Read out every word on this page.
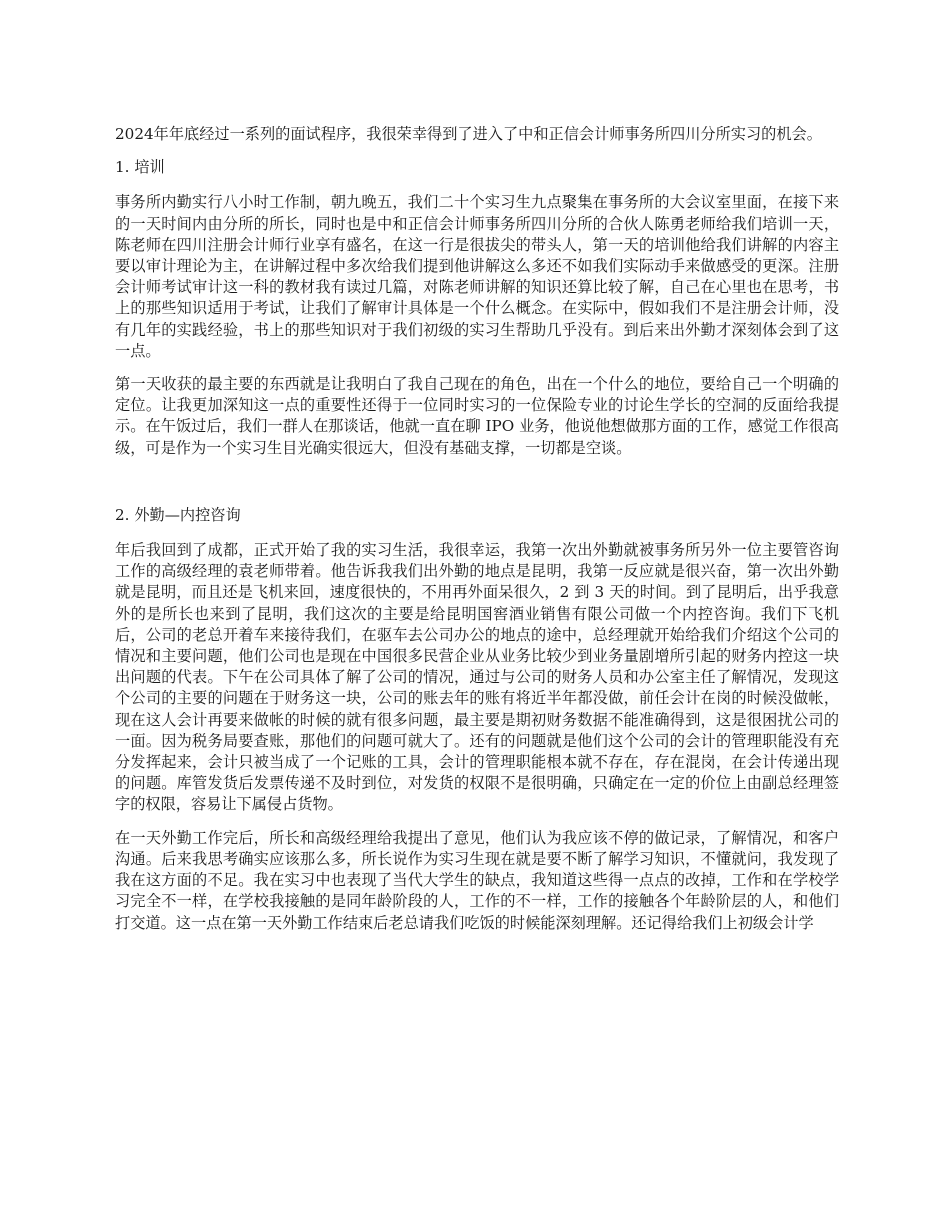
2024年年底经过一系列的面试程序，我很荣幸得到了进入了中和正信会计师事务所四川分所实习的机会。

1. 培训

事务所内勤实行八小时工作制，朝九晚五，我们二十个实习生九点聚集在事务所的大会议室里面，在接下来的一天时间内由分所的所长，同时也是中和正信会计师事务所四川分所的合伙人陈勇老师给我们培训一天，陈老师在四川注册会计师行业享有盛名，在这一行是很拔尖的带头人，第一天的培训他给我们讲解的内容主要以审计理论为主，在讲解过程中多次给我们提到他讲解这么多还不如我们实际动手来做感受的更深。注册会计师考试审计这一科的教材我有读过几篇，对陈老师讲解的知识还算比较了解，自己在心里也在思考，书上的那些知识适用于考试，让我们了解审计具体是一个什么概念。在实际中，假如我们不是注册会计师，没有几年的实践经验，书上的那些知识对于我们初级的实习生帮助几乎没有。到后来出外勤才深刻体会到了这一点。

第一天收获的最主要的东西就是让我明白了我自己现在的角色，出在一个什么的地位，要给自己一个明确的定位。让我更加深知这一点的重要性还得于一位同时实习的一位保险专业的讨论生学长的空洞的反面给我提示。在午饭过后，我们一群人在那谈话，他就一直在聊 IPO 业务，他说他想做那方面的工作，感觉工作很高级，可是作为一个实习生目光确实很远大，但没有基础支撑，一切都是空谈。

2. 外勤—内控咨询

年后我回到了成都，正式开始了我的实习生活，我很幸运，我第一次出外勤就被事务所另外一位主要管咨询工作的高级经理的袁老师带着。他告诉我我们出外勤的地点是昆明，我第一反应就是很兴奋，第一次出外勤就是昆明，而且还是飞机来回，速度很快的，不用再外面呆很久，2 到 3 天的时间。到了昆明后，出乎我意外的是所长也来到了昆明，我们这次的主要是给昆明国窖酒业销售有限公司做一个内控咨询。我们下飞机后，公司的老总开着车来接待我们，在驱车去公司办公的地点的途中，总经理就开始给我们介绍这个公司的情况和主要问题，他们公司也是现在中国很多民营企业从业务比较少到业务量剧增所引起的财务内控这一块出问题的代表。下午在公司具体了解了公司的情况，通过与公司的财务人员和办公室主任了解情况，发现这个公司的主要的问题在于财务这一块，公司的账去年的账有将近半年都没做，前任会计在岗的时候没做帐，现在这人会计再要来做帐的时候的就有很多问题，最主要是期初财务数据不能准确得到，这是很困扰公司的一面。因为税务局要查账，那他们的问题可就大了。还有的问题就是他们这个公司的会计的管理职能没有充分发挥起来，会计只被当成了一个记账的工具，会计的管理职能根本就不存在，存在混岗，在会计传递出现的问题。库管发货后发票传递不及时到位，对发货的权限不是很明确，只确定在一定的价位上由副总经理签字的权限，容易让下属侵占货物。

在一天外勤工作完后，所长和高级经理给我提出了意见，他们认为我应该不停的做记录，了解情况，和客户沟通。后来我思考确实应该那么多，所长说作为实习生现在就是要不断了解学习知识，不懂就问，我发现了我在这方面的不足。我在实习中也表现了当代大学生的缺点，我知道这些得一点点的改掉，工作和在学校学习完全不一样，在学校我接触的是同年龄阶段的人，工作的不一样，工作的接触各个年龄阶层的人，和他们打交道。这一点在第一天外勤工作结束后老总请我们吃饭的时候能深刻理解。还记得给我们上初级会计学
